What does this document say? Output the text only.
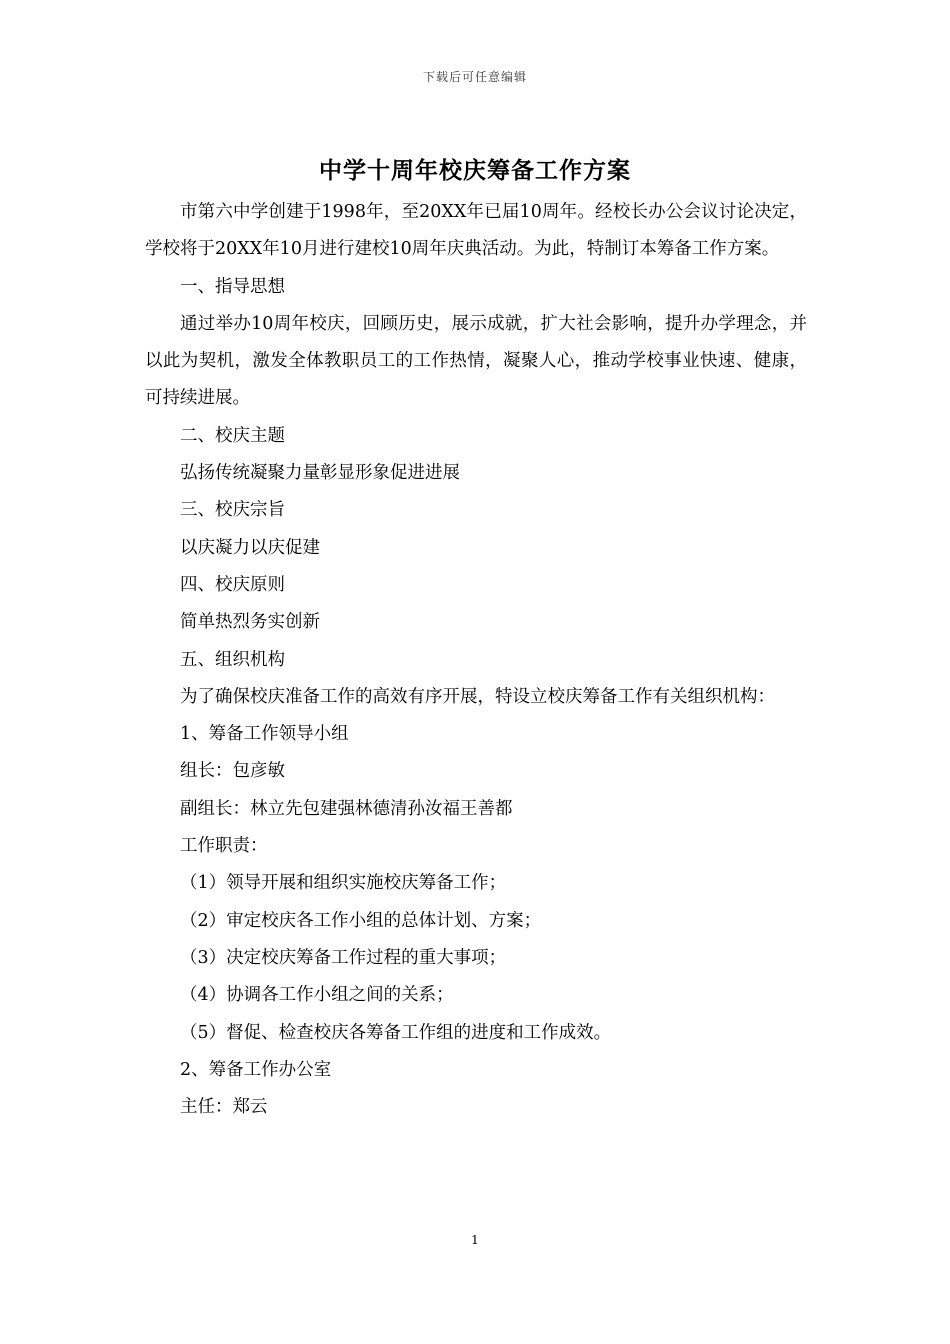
下载后可任意编辑
中学十周年校庆筹备工作方案

市第六中学创建于1998年，至20XX年已届10周年。经校长办公会议讨论决定，学校将于20XX年10月进行建校10周年庆典活动。为此，特制订本筹备工作方案。

一、指导思想

通过举办10周年校庆，回顾历史，展示成就，扩大社会影响，提升办学理念，并以此为契机，激发全体教职员工的工作热情，凝聚人心，推动学校事业快速、健康，可持续进展。

二、校庆主题

弘扬传统凝聚力量彰显形象促进进展

三、校庆宗旨

以庆凝力以庆促建

四、校庆原则

简单热烈务实创新

五、组织机构

为了确保校庆准备工作的高效有序开展，特设立校庆筹备工作有关组织机构：

1、筹备工作领导小组

组长：包彦敏

副组长：林立先包建强林德清孙汝福王善都

工作职责：

（1）领导开展和组织实施校庆筹备工作；

（2）审定校庆各工作小组的总体计划、方案；

（3）决定校庆筹备工作过程的重大事项；

（4）协调各工作小组之间的关系；

（5）督促、检查校庆各筹备工作组的进度和工作成效。

2、筹备工作办公室

主任：郑云

1
